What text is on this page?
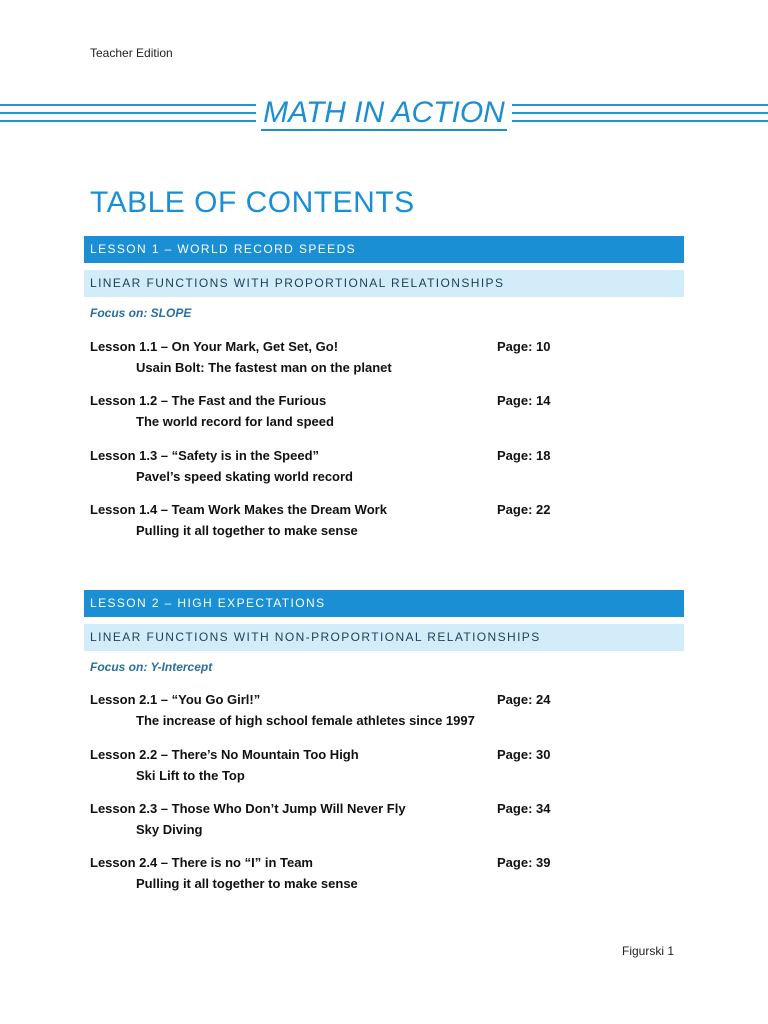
Teacher Edition
MATH IN ACTION
TABLE OF CONTENTS
LESSON 1 – WORLD RECORD SPEEDS
LINEAR FUNCTIONS WITH PROPORTIONAL RELATIONSHIPS
Focus on: SLOPE
Lesson 1.1 – On Your Mark, Get Set, Go!	Page: 10
Usain Bolt: The fastest man on the planet
Lesson 1.2 – The Fast and the Furious	Page: 14
The world record for land speed
Lesson 1.3 – “Safety is in the Speed”	Page: 18
Pavel’s speed skating world record
Lesson 1.4 – Team Work Makes the Dream Work	Page: 22
Pulling it all together to make sense
LESSON 2 – HIGH EXPECTATIONS
LINEAR FUNCTIONS WITH NON-PROPORTIONAL RELATIONSHIPS
Focus on: Y-Intercept
Lesson 2.1 – “You Go Girl!”	Page: 24
The increase of high school female athletes since 1997
Lesson 2.2 – There’s No Mountain Too High	Page: 30
Ski Lift to the Top
Lesson 2.3 – Those Who Don’t Jump Will Never Fly	Page: 34
Sky Diving
Lesson 2.4 – There is no “I” in Team	Page: 39
Pulling it all together to make sense
Figurski 1
